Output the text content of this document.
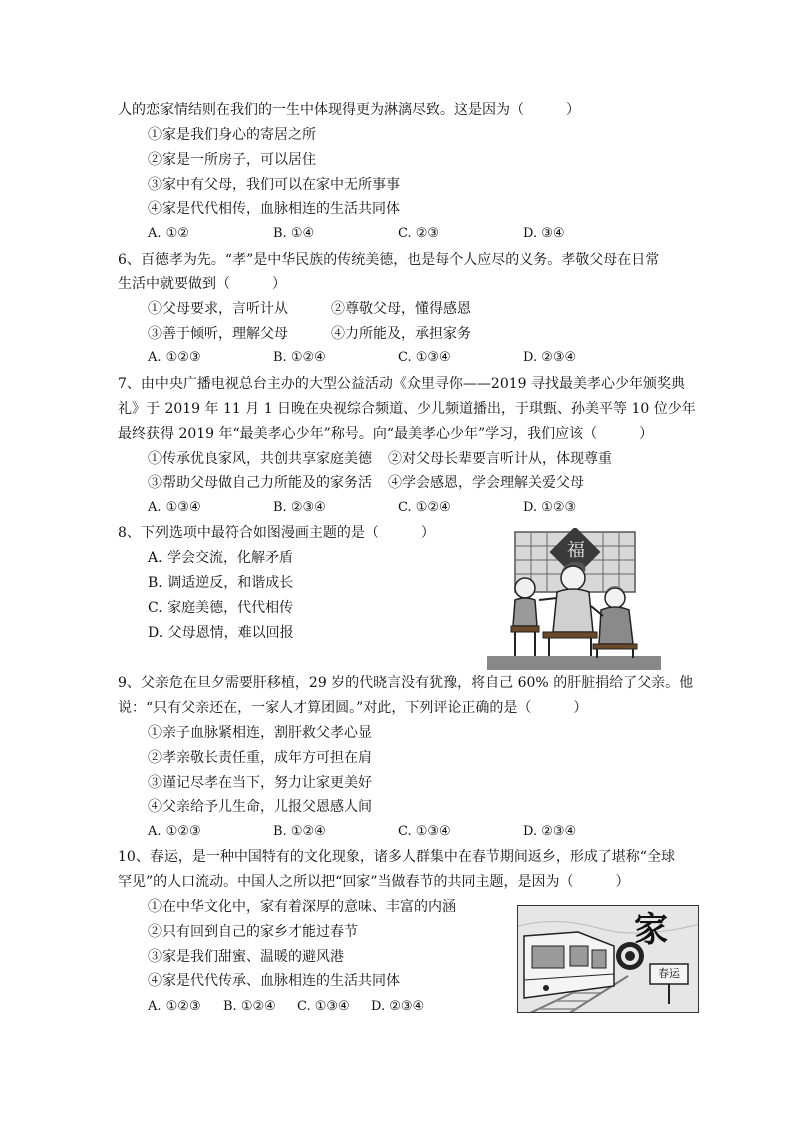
人的恋家情结则在我们的一生中体现得更为淋漓尽致。这是因为（　　　）
①家是我们身心的寄居之所
②家是一所房子，可以居住
③家中有父母，我们可以在家中无所事事
④家是代代相传，血脉相连的生活共同体
A. ①②	B. ①④	C. ②③	D. ③④
6、百德孝为先。“孝”是中华民族的传统美德，也是每个人应尽的义务。孝敬父母在日常
生活中就要做到（　　　）
①父母要求，言听计从	②尊敬父母，懂得感恩
③善于倾听，理解父母	④力所能及，承担家务
A. ①②③	B. ①②④	C. ①③④	D. ②③④
7、由中央广播电视总台主办的大型公益活动《众里寻你——2019 寻找最美孝心少年颁奖典
礼》于 2019 年 11 月 1 日晚在央视综合频道、少儿频道播出，于琪甄、孙美平等 10 位少年
最终获得 2019 年“最美孝心少年”称号。向“最美孝心少年”学习，我们应该（　　　）
①传承优良家风，共创共享家庭美德 ②对父母长辈要言听计从，体现尊重
③帮助父母做自己力所能及的家务活 ④学会感恩，学会理解关爱父母
A. ①③④	B. ②③④	C. ①②④	D. ①②③
8、下列选项中最符合如图漫画主题的是（　　　）
A. 学会交流，化解矛盾
B. 调适逆反，和谐成长
C. 家庭美德，代代相传
D. 父母恩情，难以回报
福
9、父亲危在旦夕需要肝移植，29 岁的代晓言没有犹豫，将自己 60% 的肝脏捐给了父亲。他
说：“只有父亲还在，一家人才算团圆。”对此，下列评论正确的是（　　　）
①亲子血脉紧相连，割肝救父孝心显
②孝亲敬长责任重，成年方可担在肩
③谨记尽孝在当下，努力让家更美好
④父亲给予儿生命，儿报父恩感人间
A. ①②③	B. ①②④	C. ①③④	D. ②③④
10、春运，是一种中国特有的文化现象，诸多人群集中在春节期间返乡，形成了堪称“全球
罕见”的人口流动。中国人之所以把“回家”当做春节的共同主题，是因为（　　　）
①在中华文化中，家有着深厚的意味、丰富的内涵
②只有回到自己的家乡才能过春节
③家是我们甜蜜、温暖的避风港
④家是代代传承、血脉相连的生活共同体
A. ①②③ B. ①②④ C. ①③④ D. ②③④
家
春运
